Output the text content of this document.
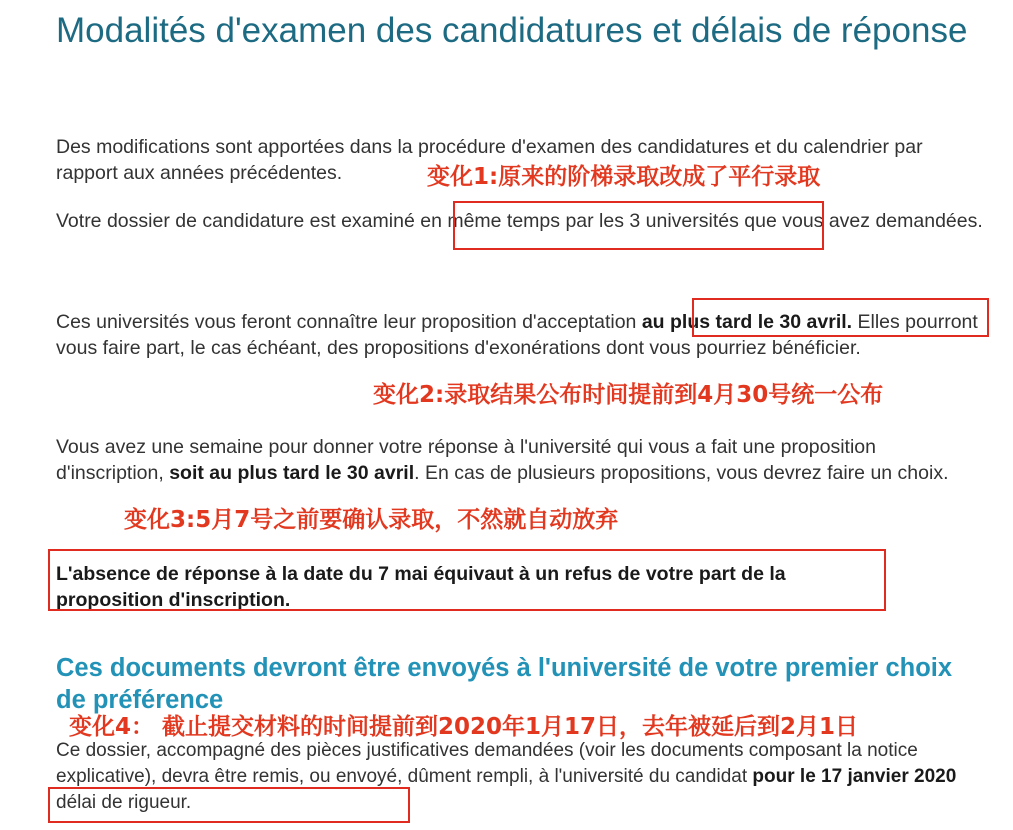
Modalités d'examen des candidatures et délais de réponse

Des modifications sont apportées dans la procédure d'examen des candidatures et du calendrier par rapport aux années précédentes.	变化1:原来的阶梯录取改成了平行录取

Votre dossier de candidature est examiné en même temps par les 3 universités que vous avez demandées.

Ces universités vous feront connaître leur proposition d'acceptation au plus tard le 30 avril. Elles pourront vous faire part, le cas échéant, des propositions d'exonérations dont vous pourriez bénéficier.

变化2:录取结果公布时间提前到4月30号统一公布

Vous avez une semaine pour donner votre réponse à l'université qui vous a fait une proposition d'inscription, soit au plus tard le 30 avril. En cas de plusieurs propositions, vous devrez faire un choix.

变化3:5月7号之前要确认录取，不然就自动放弃

L'absence de réponse à la date du 7 mai équivaut à un refus de votre part de la proposition d'inscription.

Ces documents devront être envoyés à l'université de votre premier choix de préférence
变化4： 截止提交材料的时间提前到2020年1月17日，去年被延后到2月1日

Ce dossier, accompagné des pièces justificatives demandées (voir les documents composant la notice explicative), devra être remis, ou envoyé, dûment rempli, à l'université du candidat pour le 17 janvier 2020 délai de rigueur.
